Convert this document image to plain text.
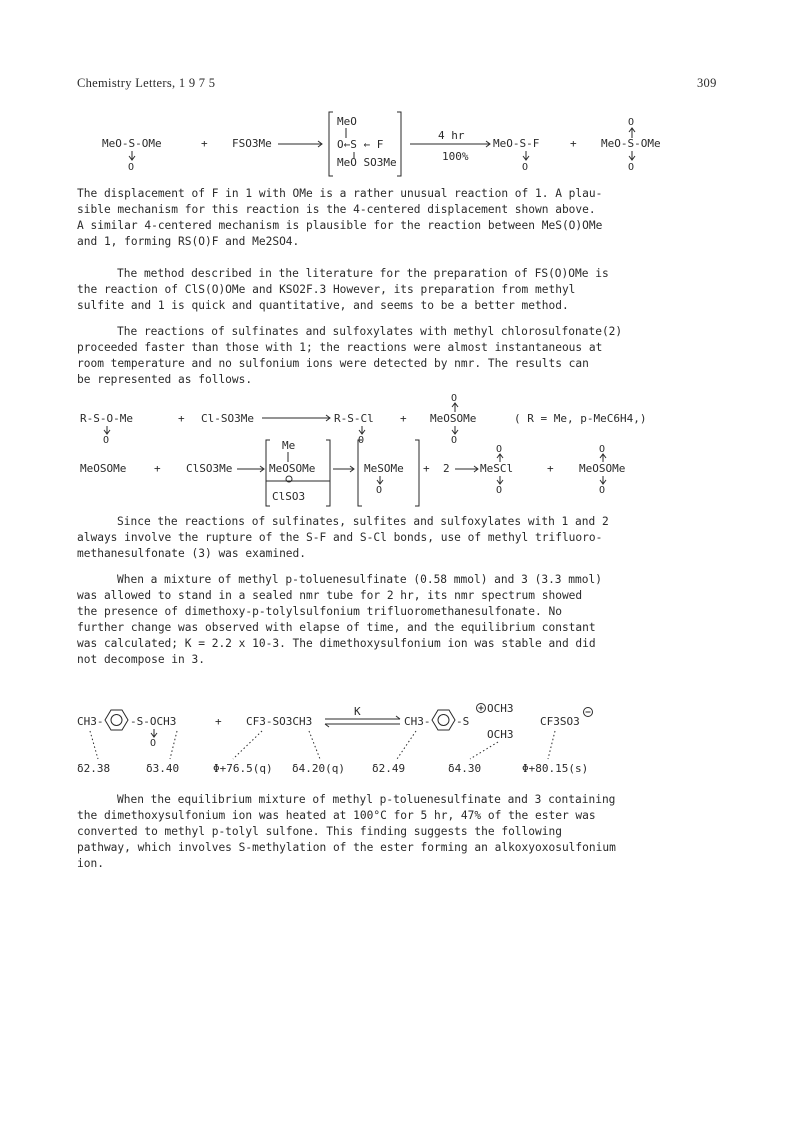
Chemistry Letters, 1 9 7 5	309
MeO-S-OMe	+ FSO3Me
MeO
O←S ← F
MeO SO3Me
4 hr
100%
MeO-S-F	+ MeO-S-OMe
O	O
O
O

The displacement of F in 1 with OMe is a rather unusual reaction of 1. A plau-

sible mechanism for this reaction is the 4-centered displacement shown above.

A similar 4-centered mechanism is plausible for the reaction between MeS(O)OMe

and 1, forming RS(O)F and Me2SO4.

The method described in the literature for the preparation of FS(O)OMe is

the reaction of ClS(O)OMe and KSO2F.3 However, its preparation from methyl

sulfite and 1 is quick and quantitative, and seems to be a better method.

The reactions of sulfinates and sulfoxylates with methyl chlorosulfonate(2)

proceeded faster than those with 1; the reactions were almost instantaneous at

room temperature and no sulfonium ions were detected by nmr. The results can

be represented as follows.

R-S-O-Me	+ Cl-SO3Me	R-S-Cl + MeOSOMe	( R = Me, p-MeC6H4,)
MeOSOMe	+ ClSO3Me
Me
MeOSOMe
ClSO3
MeSOMe + 2	MeSCl	+ MeOSOMe
O	O
O
O
O
O
O
O
O

Since the reactions of sulfinates, sulfites and sulfoxylates with 1 and 2

always involve the rupture of the S-F and S-Cl bonds, use of methyl trifluoro-

methanesulfonate (3) was examined.

When a mixture of methyl p-toluenesulfinate (0.58 mmol) and 3 (3.3 mmol)

was allowed to stand in a sealed nmr tube for 2 hr, its nmr spectrum showed

the presence of dimethoxy-p-tolylsulfonium trifluoromethanesulfonate. No

further change was observed with elapse of time, and the equilibrium constant

was calculated; K = 2.2 x 10-3. The dimethoxysulfonium ion was stable and did

not decompose in 3.

CH3- -S-OCH3	+ CF3-SO3CH3
K
CH3- -S
OCH3
OCH3
CF3SO3
δ2.38	δ3.40	Φ+76.5(q) δ4.20(q) δ2.49	δ4.30	Φ+80.15(s)
O

When the equilibrium mixture of methyl p-toluenesulfinate and 3 containing

the dimethoxysulfonium ion was heated at 100°C for 5 hr, 47% of the ester was

converted to methyl p-tolyl sulfone. This finding suggests the following

pathway, which involves S-methylation of the ester forming an alkoxyoxosulfonium

ion.
